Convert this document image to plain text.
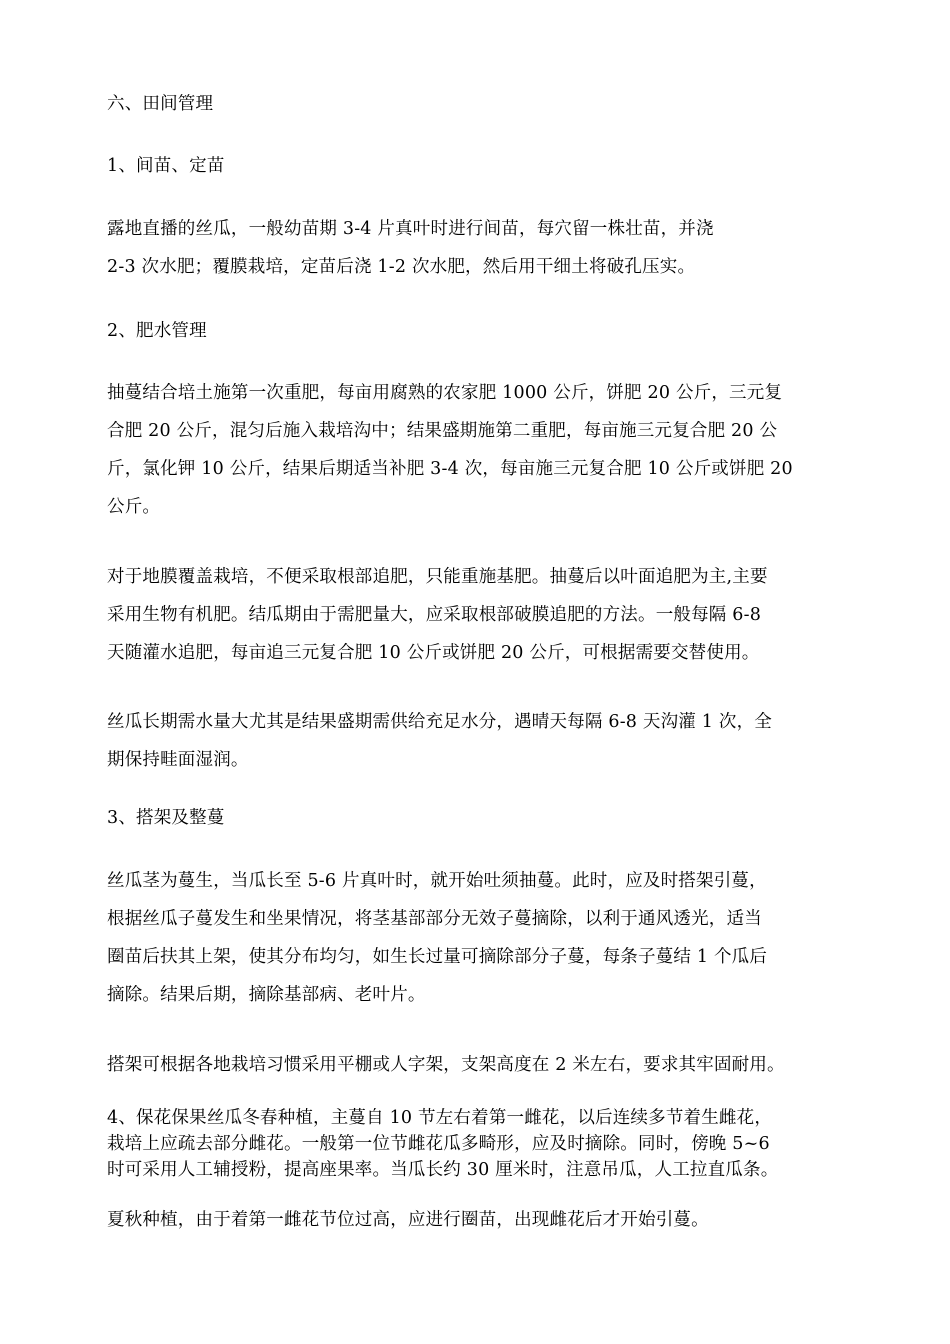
六、田间管理
1、间苗、定苗
露地直播的丝瓜，一般幼苗期 3-4 片真叶时进行间苗，每穴留一株壮苗，并浇
2-3 次水肥；覆膜栽培，定苗后浇 1-2 次水肥，然后用干细土将破孔压实。
2、肥水管理
抽蔓结合培土施第一次重肥，每亩用腐熟的农家肥 1000 公斤，饼肥 20 公斤，三元复
合肥 20 公斤，混匀后施入栽培沟中；结果盛期施第二重肥，每亩施三元复合肥 20 公
斤，氯化钾 10 公斤，结果后期适当补肥 3-4 次，每亩施三元复合肥 10 公斤或饼肥 20
公斤。
对于地膜覆盖栽培，不便采取根部追肥，只能重施基肥。抽蔓后以叶面追肥为主,主要
采用生物有机肥。结瓜期由于需肥量大，应采取根部破膜追肥的方法。一般每隔 6-8
天随灌水追肥，每亩追三元复合肥 10 公斤或饼肥 20 公斤，可根据需要交替使用。
丝瓜长期需水量大尤其是结果盛期需供给充足水分，遇晴天每隔 6-8 天沟灌 1 次，全
期保持畦面湿润。
3、搭架及整蔓
丝瓜茎为蔓生，当瓜长至 5-6 片真叶时，就开始吐须抽蔓。此时，应及时搭架引蔓，
根据丝瓜子蔓发生和坐果情况，将茎基部部分无效子蔓摘除，以利于通风透光，适当
圈苗后扶其上架，使其分布均匀，如生长过量可摘除部分子蔓，每条子蔓结 1 个瓜后
摘除。结果后期，摘除基部病、老叶片。
搭架可根据各地栽培习惯采用平棚或人字架，支架高度在 2 米左右，要求其牢固耐用。
4、保花保果丝瓜冬春种植，主蔓自 10 节左右着第一雌花，以后连续多节着生雌花，
栽培上应疏去部分雌花。一般第一位节雌花瓜多畸形，应及时摘除。同时，傍晚 5~6
时可采用人工辅授粉，提高座果率。当瓜长约 30 厘米时，注意吊瓜，人工拉直瓜条。
夏秋种植，由于着第一雌花节位过高，应进行圈苗，出现雌花后才开始引蔓。
